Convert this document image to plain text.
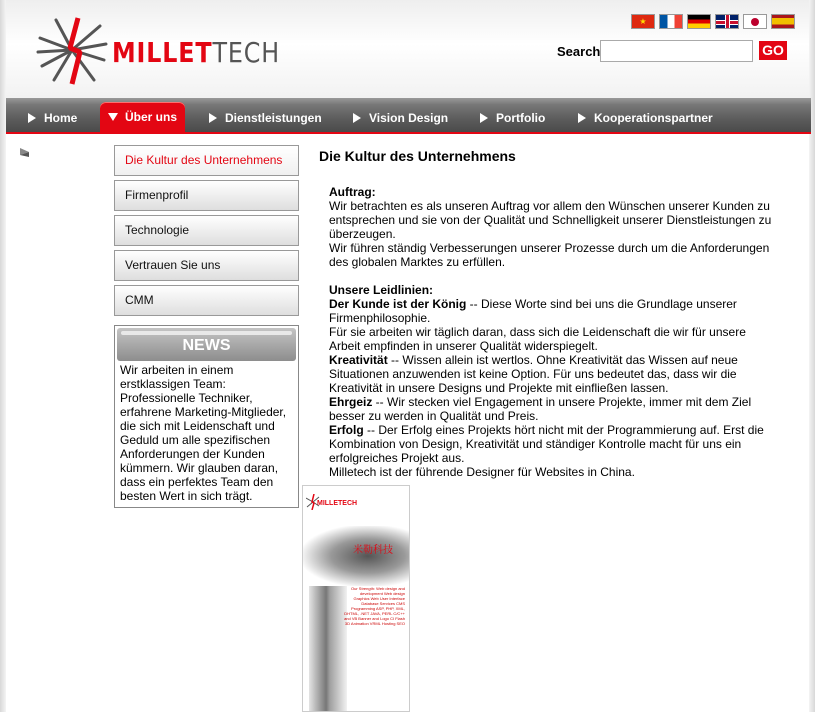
MILLETTECH
★
Search	GO
Home	Über uns	Dienstleistungen	Vision Design	Portfolio	Kooperationspartner
Die Kultur des Unternehmens
Firmenprofil
Technologie
Vertrauen Sie uns
CMM
NEWS
Wir arbeiten in einem erstklassigen Team: Professionelle Techniker, erfahrene Marketing-Mitglieder, die sich mit Leidenschaft und Geduld um alle spezifischen Anforderungen der Kunden kümmern. Wir glauben daran, dass ein perfektes Team den besten Wert in sich trägt.
Die Kultur des Unternehmens

Auftrag:

Wir betrachten es als unseren Auftrag vor allem den Wünschen unserer Kunden zu entsprechen und sie von der Qualität und Schnelligkeit unserer Dienstleistungen zu überzeugen.

Wir führen ständig Verbesserungen unserer Prozesse durch um die Anforderungen des globalen Marktes zu erfüllen.

Unsere Leidlinien:

Der Kunde ist der König -- Diese Worte sind bei uns die Grundlage unserer Firmenphilosophie.

Für sie arbeiten wir täglich daran, dass sich die Leidenschaft die wir für unsere Arbeit empfinden in unserer Qualität widerspiegelt.

Kreativität -- Wissen allein ist wertlos. Ohne Kreativität das Wissen auf neue Situationen anzuwenden ist keine Option. Für uns bedeutet das, dass wir die Kreativität in unsere Designs und Projekte mit einfließen lassen.

Ehrgeiz -- Wir stecken viel Engagement in unsere Projekte, immer mit dem Ziel besser zu werden in Qualität und Preis.

Erfolg -- Der Erfolg eines Projekts hört nicht mit der Programmierung auf. Erst die Kombination von Design, Kreativität und ständiger Kontrolle macht für uns ein erfolgreiches Projekt aus.

Milletech ist der führende Designer für Websites in China.

MILLETECH
米勒科技
Our Strength: Web design and development Web design Graphics Web User Interface Database Services CMS Programming ASP, PHP, XML, DHTML, .NET JAVA, PERL C/C++ and VB Banner and Logo CI Flash 3D Animation VRML Hosting SEO
